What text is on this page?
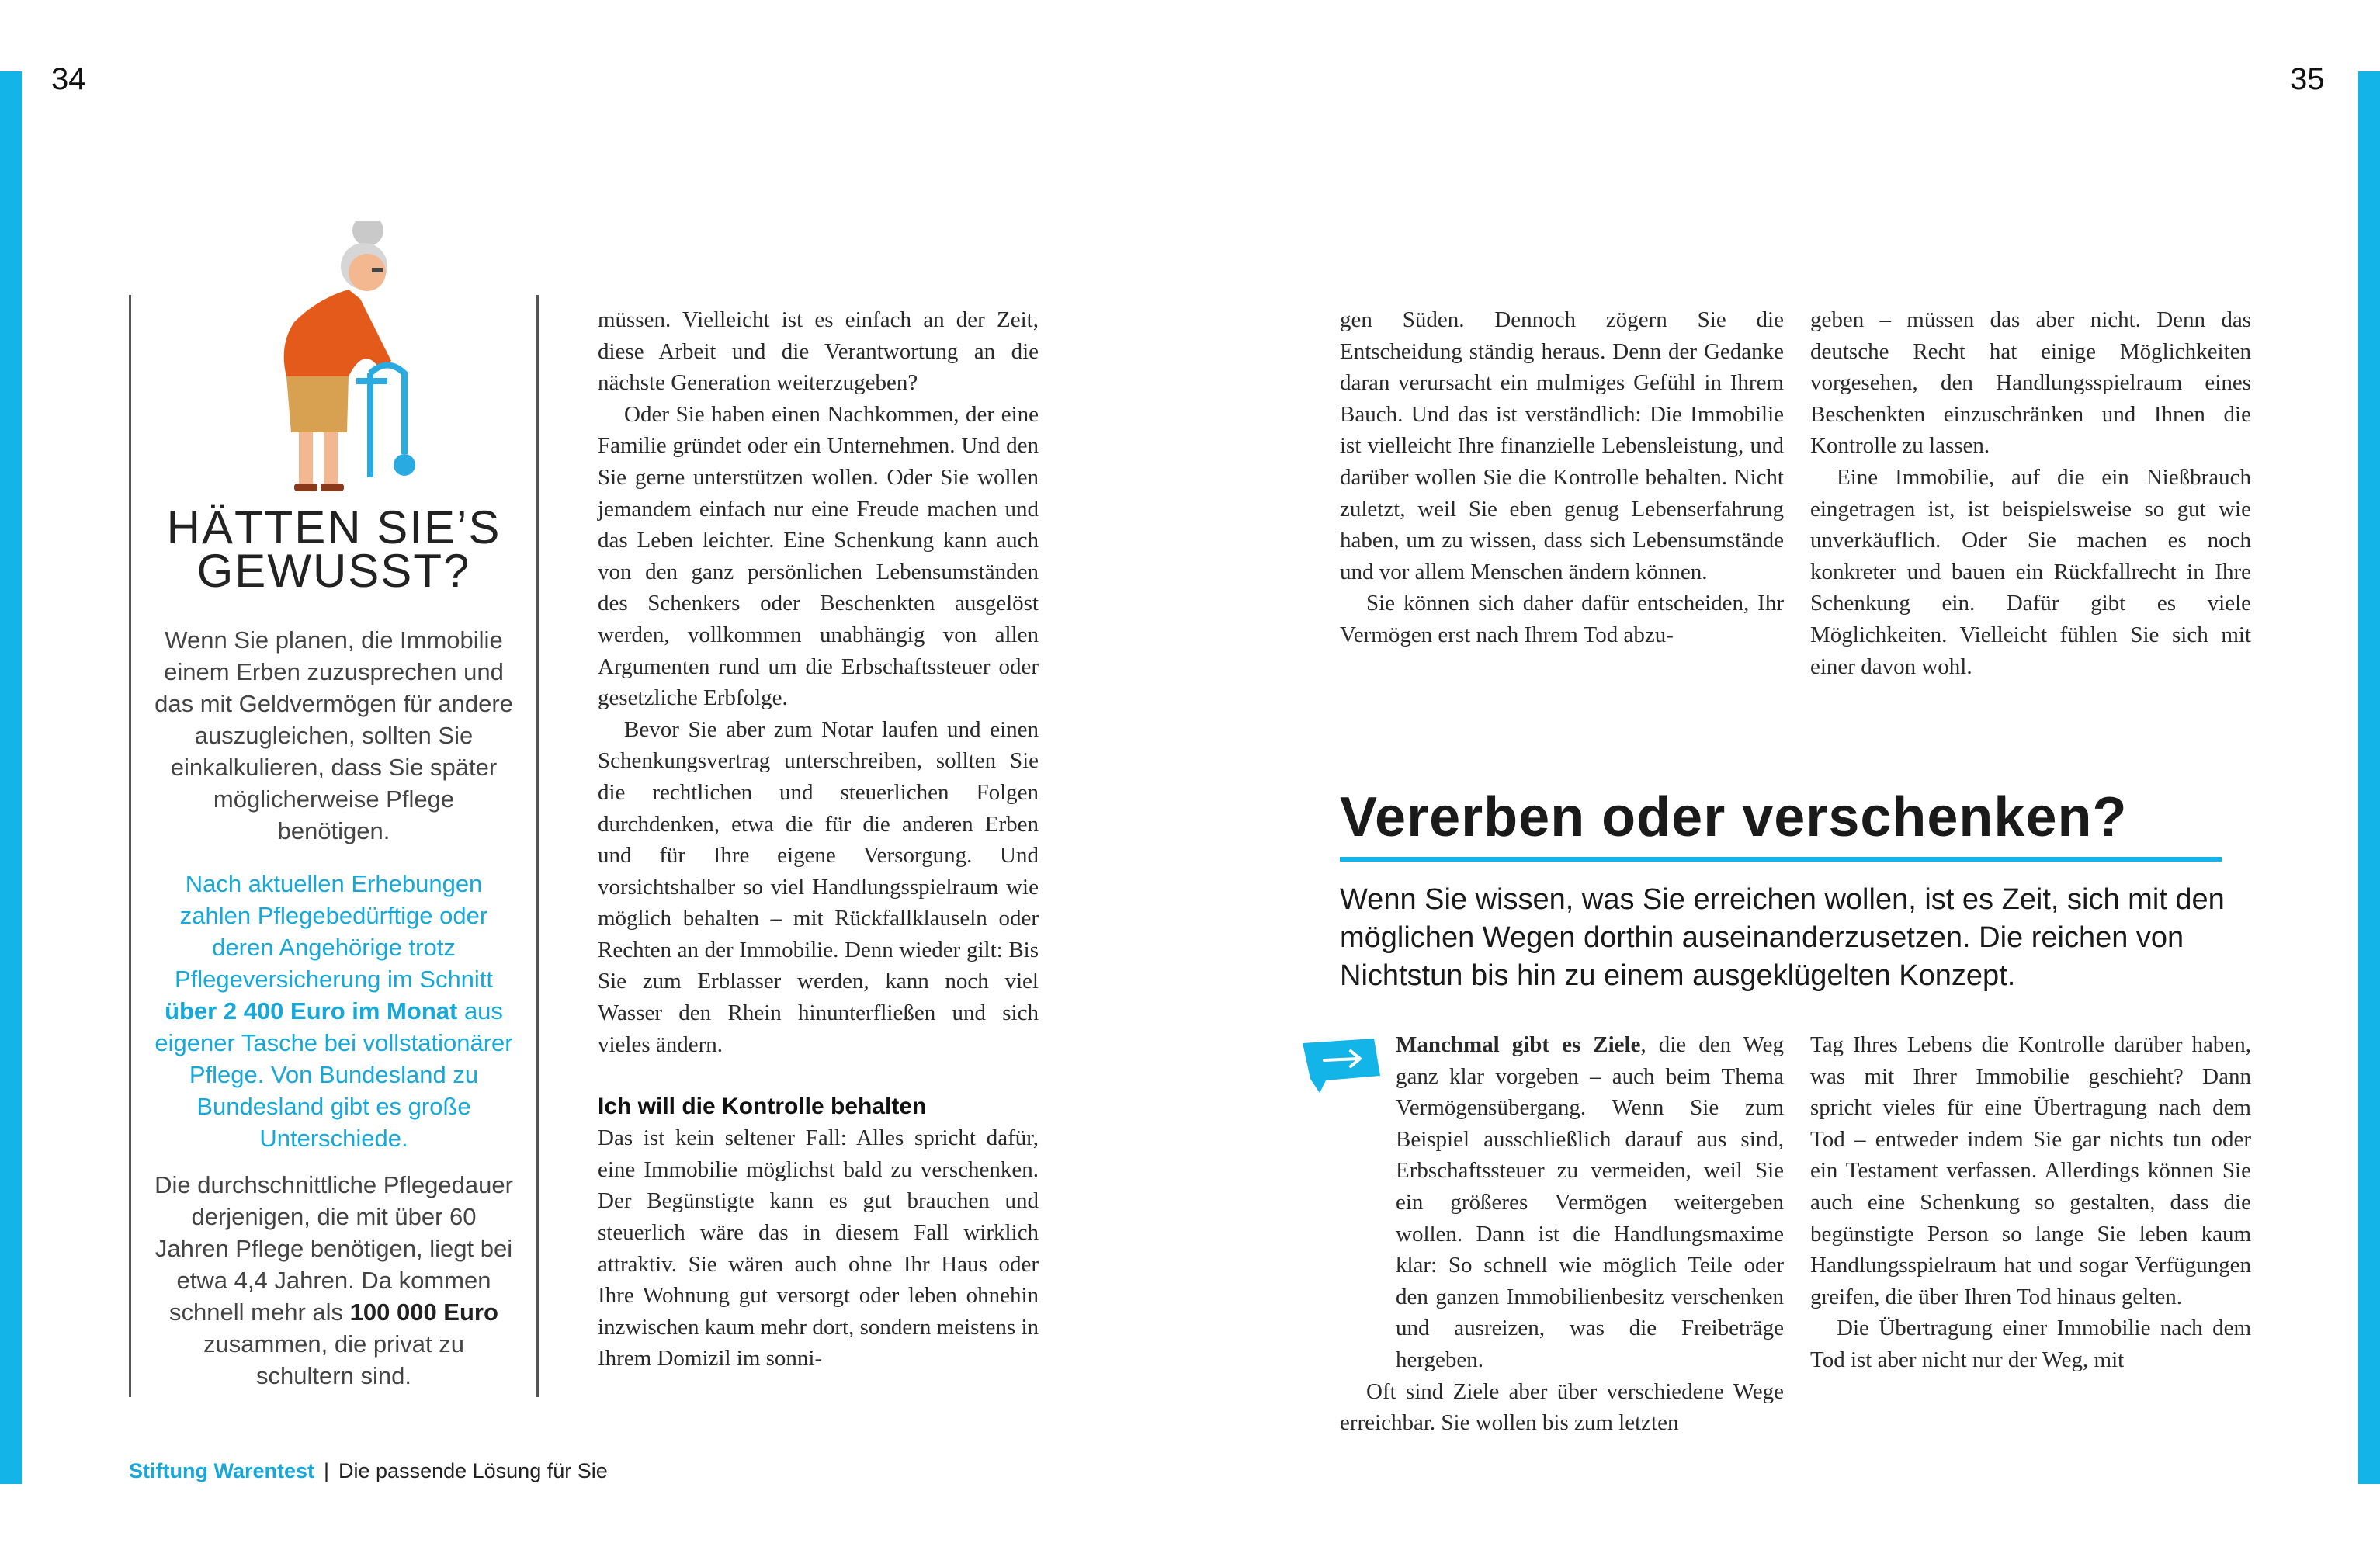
34	35
HÄTTEN SIE’S
GEWUSST?

Wenn Sie planen, die Immobilie einem Erben zuzusprechen und das mit Geldvermögen für andere auszugleichen, sollten Sie einkalkulieren, dass Sie später möglicherweise Pflege benötigen.

Nach aktuellen Erhebungen zahlen Pflegebedürftige oder deren Angehörige trotz Pflegeversicherung im Schnitt über 2 400 Euro im Monat aus eigener Tasche bei vollstationärer Pflege. Von Bundesland zu Bundesland gibt es große Unterschiede.

Die durchschnittliche Pflegedauer derjenigen, die mit über 60 Jahren Pflege benötigen, liegt bei etwa 4,4 Jahren. Da kommen schnell mehr als 100 000 Euro zusammen, die privat zu schultern sind.

müssen. Vielleicht ist es einfach an der Zeit, diese Arbeit und die Verantwortung an die nächste Generation weiterzugeben?

Oder Sie haben einen Nachkommen, der eine Familie gründet oder ein Unternehmen. Und den Sie gerne unterstützen wollen. Oder Sie wollen jemandem einfach nur eine Freude machen und das Leben leichter. Eine Schenkung kann auch von den ganz persönlichen Lebensumständen des Schenkers oder Beschenkten ausgelöst werden, vollkommen unabhängig von allen Argumenten rund um die Erbschaftssteuer oder gesetzliche Erbfolge.

Bevor Sie aber zum Notar laufen und einen Schenkungsvertrag unterschreiben, sollten Sie die rechtlichen und steuerlichen Folgen durchdenken, etwa die für die anderen Erben und für Ihre eigene Versorgung. Und vorsichtshalber so viel Handlungsspielraum wie möglich behalten – mit Rückfallklauseln oder Rechten an der Immobilie. Denn wieder gilt: Bis Sie zum Erblasser werden, kann noch viel Wasser den Rhein hinunterfließen und sich vieles ändern.

Ich will die Kontrolle behalten

Das ist kein seltener Fall: Alles spricht dafür, eine Immobilie möglichst bald zu verschenken. Der Begünstigte kann es gut brauchen und steuerlich wäre das in diesem Fall wirklich attraktiv. Sie wären auch ohne Ihr Haus oder Ihre Wohnung gut versorgt oder leben ohnehin inzwischen kaum mehr dort, sondern meistens in Ihrem Domizil im sonni-

gen Süden. Dennoch zögern Sie die Entscheidung ständig heraus. Denn der Gedanke daran verursacht ein mulmiges Gefühl in Ihrem Bauch. Und das ist verständlich: Die Immobilie ist vielleicht Ihre finanzielle Lebensleistung, und darüber wollen Sie die Kontrolle behalten. Nicht zuletzt, weil Sie eben genug Lebenserfahrung haben, um zu wissen, dass sich Lebensumstände und vor allem Menschen ändern können.

Sie können sich daher dafür entscheiden, Ihr Vermögen erst nach Ihrem Tod abzu-

geben – müssen das aber nicht. Denn das deutsche Recht hat einige Möglichkeiten vorgesehen, den Handlungsspielraum eines Beschenkten einzuschränken und Ihnen die Kontrolle zu lassen.

Eine Immobilie, auf die ein Nießbrauch eingetragen ist, ist beispielsweise so gut wie unverkäuflich. Oder Sie machen es noch konkreter und bauen ein Rückfallrecht in Ihre Schenkung ein. Dafür gibt es viele Möglichkeiten. Vielleicht fühlen Sie sich mit einer davon wohl.

Vererben oder verschenken?

Wenn Sie wissen, was Sie erreichen wollen, ist es Zeit, sich mit den möglichen Wegen dorthin auseinanderzusetzen. Die reichen von Nichtstun bis hin zu einem ausgeklügelten Konzept.

Manchmal gibt es Ziele, die den Weg ganz klar vorgeben – auch beim Thema Vermögensübergang. Wenn Sie zum Beispiel ausschließlich darauf aus sind, Erbschaftssteuer zu vermeiden, weil Sie ein größeres Vermögen weitergeben wollen. Dann ist die Handlungsmaxime klar: So schnell wie möglich Teile oder den ganzen Immobilienbesitz verschenken und ausreizen, was die Freibeträge hergeben.

Oft sind Ziele aber über verschiedene Wege erreichbar. Sie wollen bis zum letzten

Tag Ihres Lebens die Kontrolle darüber haben, was mit Ihrer Immobilie geschieht? Dann spricht vieles für eine Übertragung nach dem Tod – entweder indem Sie gar nichts tun oder ein Testament verfassen. Allerdings können Sie auch eine Schenkung so gestalten, dass die begünstigte Person so lange Sie leben kaum Handlungsspielraum hat und sogar Verfügungen greifen, die über Ihren Tod hinaus gelten.

Die Übertragung einer Immobilie nach dem Tod ist aber nicht nur der Weg, mit

Stiftung Warentest | Die passende Lösung für Sie
